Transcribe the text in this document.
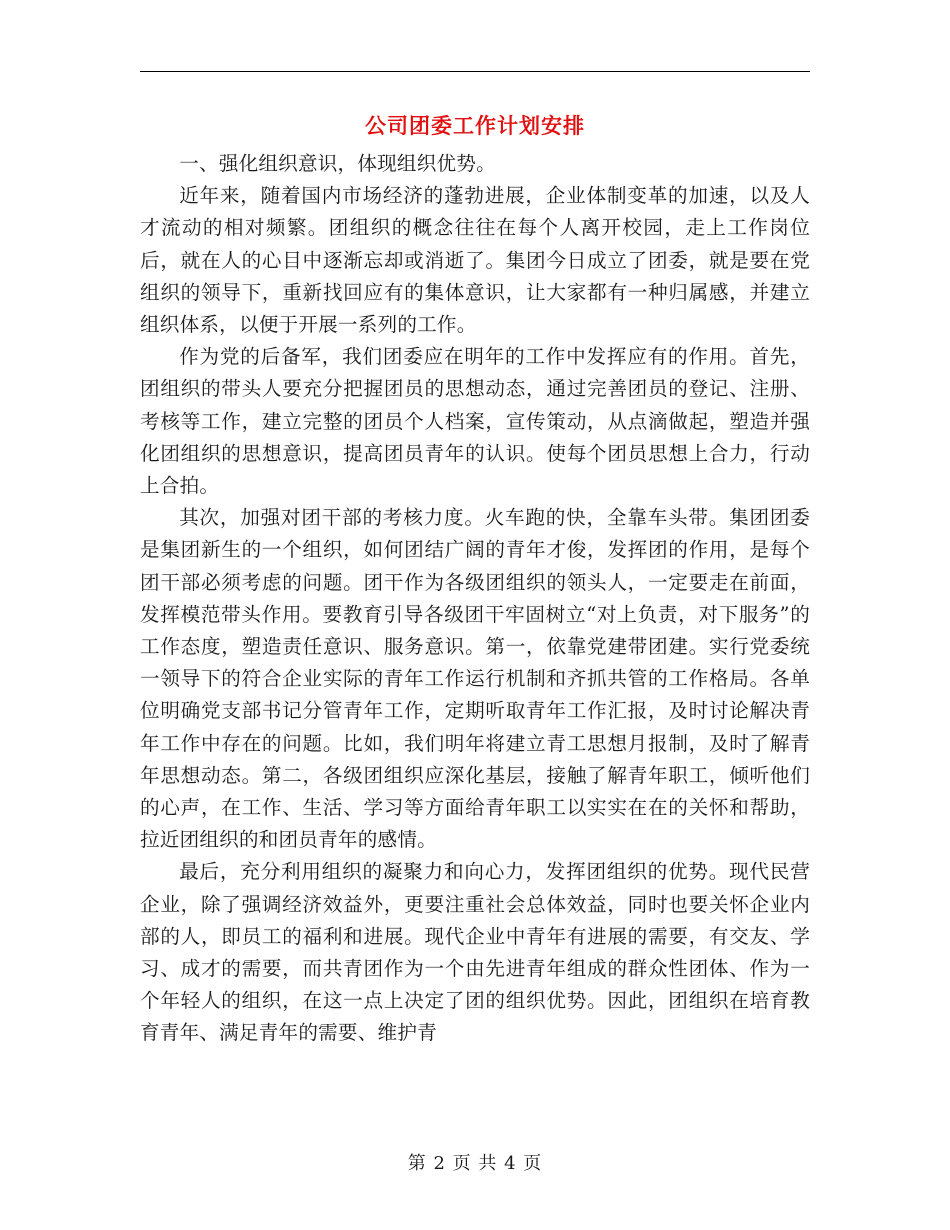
公司团委工作计划安排

一、强化组织意识，体现组织优势。

近年来，随着国内市场经济的蓬勃进展，企业体制变革的加速，以及人才流动的相对频繁。团组织的概念往往在每个人离开校园，走上工作岗位后，就在人的心目中逐渐忘却或消逝了。集团今日成立了团委，就是要在党组织的领导下，重新找回应有的集体意识，让大家都有一种归属感，并建立组织体系，以便于开展一系列的工作。

作为党的后备军，我们团委应在明年的工作中发挥应有的作用。首先，团组织的带头人要充分把握团员的思想动态，通过完善团员的登记、注册、考核等工作，建立完整的团员个人档案，宣传策动，从点滴做起，塑造并强化团组织的思想意识，提高团员青年的认识。使每个团员思想上合力，行动上合拍。

其次，加强对团干部的考核力度。火车跑的快，全靠车头带。集团团委是集团新生的一个组织，如何团结广阔的青年才俊，发挥团的作用，是每个团干部必须考虑的问题。团干作为各级团组织的领头人，一定要走在前面，发挥模范带头作用。要教育引导各级团干牢固树立“对上负责，对下服务”的工作态度，塑造责任意识、服务意识。第一，依靠党建带团建。实行党委统一领导下的符合企业实际的青年工作运行机制和齐抓共管的工作格局。各单位明确党支部书记分管青年工作，定期听取青年工作汇报，及时讨论解决青年工作中存在的问题。比如，我们明年将建立青工思想月报制，及时了解青年思想动态。第二，各级团组织应深化基层，接触了解青年职工，倾听他们的心声，在工作、生活、学习等方面给青年职工以实实在在的关怀和帮助，拉近团组织的和团员青年的感情。

最后，充分利用组织的凝聚力和向心力，发挥团组织的优势。现代民营企业，除了强调经济效益外，更要注重社会总体效益，同时也要关怀企业内部的人，即员工的福利和进展。现代企业中青年有进展的需要，有交友、学习、成才的需要，而共青团作为一个由先进青年组成的群众性团体、作为一个年轻人的组织，在这一点上决定了团的组织优势。因此，团组织在培育教育青年、满足青年的需要、维护青

第 2 页 共 4 页
